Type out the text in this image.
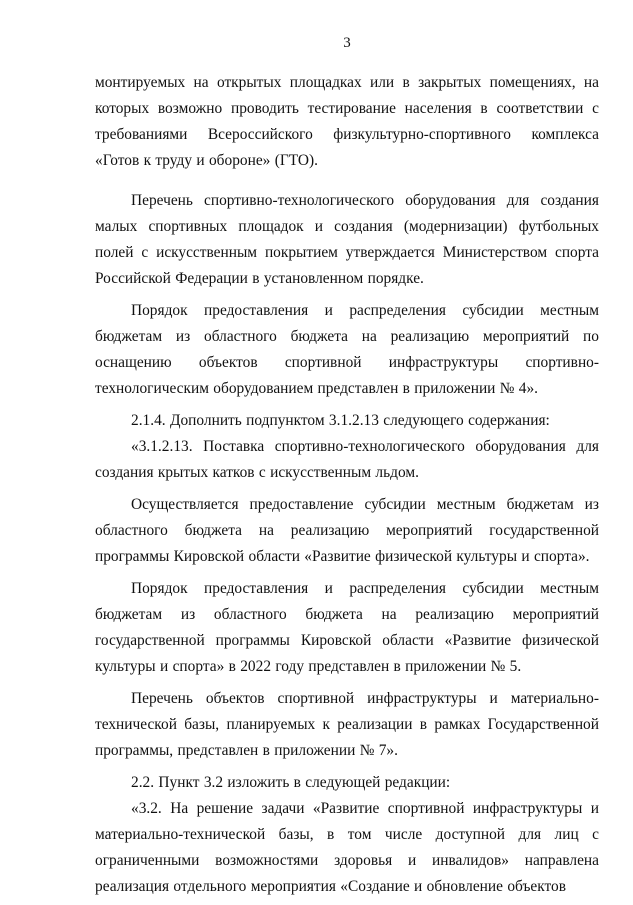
3

монтируемых на открытых площадках или в закрытых помещениях, на которых возможно проводить тестирование населения в соответствии с требованиями Всероссийского физкультурно-спортивного комплекса «Готов к труду и обороне» (ГТО).

Перечень спортивно-технологического оборудования для создания малых спортивных площадок и создания (модернизации) футбольных полей с искусственным покрытием утверждается Министерством спорта Российской Федерации в установленном порядке.

Порядок предоставления и распределения субсидии местным бюджетам из областного бюджета на реализацию мероприятий по оснащению объектов спортивной инфраструктуры спортивно-технологическим оборудованием представлен в приложении № 4».

2.1.4. Дополнить подпунктом 3.1.2.13 следующего содержания:

«3.1.2.13. Поставка спортивно-технологического оборудования для создания крытых катков с искусственным льдом.

Осуществляется предоставление субсидии местным бюджетам из областного бюджета на реализацию мероприятий государственной программы Кировской области «Развитие физической культуры и спорта».

Порядок предоставления и распределения субсидии местным бюджетам из областного бюджета на реализацию мероприятий государственной программы Кировской области «Развитие физической культуры и спорта» в 2022 году представлен в приложении № 5.

Перечень объектов спортивной инфраструктуры и материально-технической базы, планируемых к реализации в рамках Государственной программы, представлен в приложении № 7».

2.2. Пункт 3.2 изложить в следующей редакции:

«3.2. На решение задачи «Развитие спортивной инфраструктуры и материально-технической базы, в том числе доступной для лиц с ограниченными возможностями здоровья и инвалидов» направлена реализация отдельного мероприятия «Создание и обновление объектов
